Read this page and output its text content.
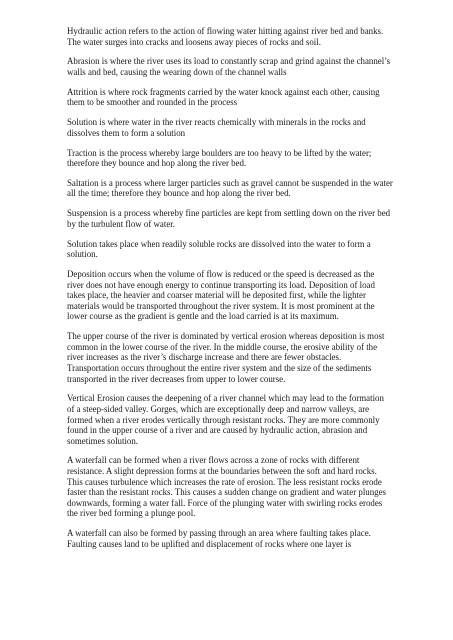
Hydraulic action refers to the action of flowing water hitting against river bed and banks. The water surges into cracks and loosens away pieces of rocks and soil.

Abrasion is where the river uses its load to constantly scrap and grind against the channel’s walls and bed, causing the wearing down of the channel walls

Attrition is where rock fragments carried by the water knock against each other, causing them to be smoother and rounded in the process

Solution is where water in the river reacts chemically with minerals in the rocks and dissolves them to form a solution

Traction is the process whereby large boulders are too heavy to be lifted by the water; therefore they bounce and hop along the river bed.

Saltation is a process where larger particles such as gravel cannot be suspended in the water all the time; therefore they bounce and hop along the river bed.

Suspension is a process whereby fine particles are kept from settling down on the river bed by the turbulent flow of water.

Solution takes place when readily soluble rocks are dissolved into the water to form a solution.

Deposition occurs when the volume of flow is reduced or the speed is decreased as the river does not have enough energy to continue transporting its load. Deposition of load takes place, the heavier and coarser material will be deposited first, while the lighter materials would be transported throughout the river system. It is most prominent at the lower course as the gradient is gentle and the load carried is at its maximum.

The upper course of the river is dominated by vertical erosion whereas deposition is most common in the lower course of the river. In the middle course, the erosive ability of the river increases as the river’s discharge increase and there are fewer obstacles. Transportation occurs throughout the entire river system and the size of the sediments transported in the river decreases from upper to lower course.

Vertical Erosion causes the deepening of a river channel which may lead to the formation of a steep-sided valley. Gorges, which are exceptionally deep and narrow valleys, are formed when a river erodes vertically through resistant rocks. They are more commonly found in the upper course of a river and are caused by hydraulic action, abrasion and sometimes solution.

A waterfall can be formed when a river flows across a zone of rocks with different resistance. A slight depression forms at the boundaries between the soft and hard rocks. This causes turbulence which increases the rate of erosion. The less resistant rocks erode faster than the resistant rocks. This causes a sudden change on gradient and water plunges downwards, forming a water fall. Force of the plunging water with swirling rocks erodes the river bed forming a plunge pool.

A waterfall can also be formed by passing through an area where faulting takes place. Faulting causes land to be uplifted and displacement of rocks where one layer is
